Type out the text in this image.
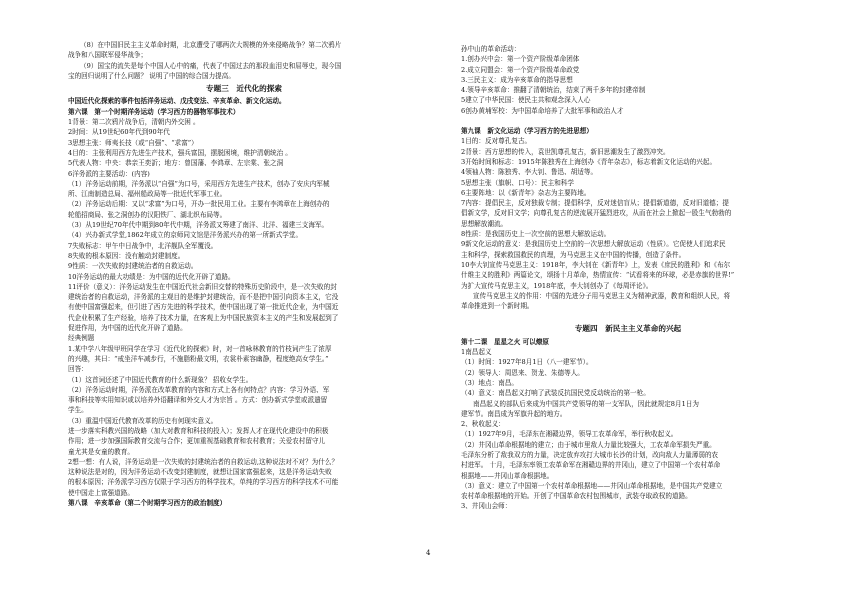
（8）在中国旧民主主义革命时期，北京遭受了哪两次大规模的外来侵略战争？第二次鸦片

战争和八国联军侵华战争；

（9）国宝的流失是每个中国人心中的痛，代表了中国过去的那段血泪史和屈辱史，现今国

宝的回归说明了什么问题？ 说明了中国的综合国力提高。

专题三　近代化的探索

中国近代化探索的事件包括洋务运动、戊戌变法、辛亥革命、新文化运动。

第六课　第一个时期洋务运动（学习西方的器物军事技术）

1背景：第二次鸦片战争后，清朝内外交困 。

2时间：从19世纪60年代到90年代

3思想主张：师夷长技（或“自强”、“求富”）

4目的：主张利用西方先进生产技术，强兵富国，摆脱困境，维护清朝统治 。

5代表人物：中央：恭亲王奕訢；地方：曾国藩、李鸿章、左宗棠、张之洞

6洋务派的主要活动：(内容)

（1）洋务运动前期，洋务派以“自强”为口号，采用西方先进生产技术，创办了安庆内军械

所、江南制造总局、福州船政局等一批近代军事工业。

（2）洋务运动后期：又以“求富”为口号，开办一批民用工业。主要有李鸿章在上海创办的

轮船招商局、张之洞创办的汉阳铁厂、湖北织布局等。

（3）从19世纪70年代中期到80年代中期，洋务派又筹建了南洋、北洋、福建三支海军。

（4）兴办新式学堂,1862年成立的京师同文馆是洋务派兴办的第一所新式学堂。

7失败标志：甲午中日战争中，北洋舰队全军覆没。

8失败的根本原因：没有触动封建制度。

9性质：一次失败的封建统治者的自救运动。

10洋务运动的最大功绩是：为中国的近代化开辟了道路。

11评价（意义）：洋务运动发生在中国近代社会新旧交替的特殊历史阶段中，是一次失败的封

建统治者的自救运动，洋务派的主观目的是维护封建统治，而不是把中国引向资本主义，它没

有使中国富强起来，但引进了西方先进的科学技术，使中国出现了第一批近代企业，为中国近

代企业积累了生产经验，培养了技术力量，在客观上为中国民族资本主义的产生和发展起到了

促进作用，为中国的近代化开辟了道路。

经典例题

1.某中学八年级甲班同学在学习《近代化的探索》时，对一首咏林教育的竹枝词产生了浓厚

的兴趣，其曰：“戒坐洋车减步行，不施脂粉最文明，衣裳朴素容幽静，程度绝高女学生。”

回答：

（1）这首词还述了中国近代教育的什么新现象？ 招收女学生。

（2）洋务运动时期，洋务派在改革教育的内容和方式上各有何特点？内容：学习外语、军

事和科技等实用知识或以培养外语翻译和外交人才为宗旨 。方式：创办新式学堂或派遣留

学生。

（3）重温中国近代教育改革的历史有何现实意义。

进一步落实科教兴国的战略（加大对教育和科技的投入）；发挥人才在现代化建设中的积极

作用；进一步加强国际教育交流与合作；更加重视基础教育和农村教育；关爱农村留守儿

童尤其是女童的教育。

2想一想：有人说，洋务运动是一次失败的封建统治者的自救运动,这种说法对不对？为什么？

这种说法是对的，因为洋务运动不改变封建制度，就想让国家富强起来，这是洋务运动失败

的根本原因；洋务派学习西方仅限于学习西方的科学技术，单纯的学习西方的科学技术不可能

使中国走上富强道路。

第八课　辛亥革命（第二个时期学习西方的政治制度）

孙中山的革命活动：

1.创办兴中会：第一个资产阶级革命团体

2.成立同盟会：第一个资产阶级革命政党

3.三民主义：成为辛亥革命的指导思想

4.领导辛亥革命：推翻了清朝统治，结束了两千多年的封建帝制

5建立了中华民国：使民主共和观念深入人心

6创办黄埔军校：为中国革命培养了大批军事和政治人才

第九课　新文化运动（学习西方的先进思想）

1目的：反对尊孔复古。

2背景：西方思想的传入，袁世凯尊孔复古，新旧思潮发生了激烈冲突。

3开始时间和标志：1915年陈独秀在上海创办《青年杂志》，标志着新文化运动的兴起。

4领袖人物：陈独秀、李大钊、鲁迅、胡适等。

5思想主张（旗帜、口号）：民主和科学

6主要阵地：以《新青年》杂志为主要阵地。

7内容：提倡民主，反对独裁专制；提倡科学，反对迷信盲从；提倡新道德，反对旧道德；提

倡新文学，反对旧文学；向尊孔复古的逆流展开猛烈进攻，从而在社会上掀起一股生气勃勃的

思想解放潮流。

8性质：是我国历史上一次空前的思想大解放运动。

9新文化运动的意义：是我国历史上空前的一次思想大解放运动（性质）。它促使人们追求民

主和科学，探索救国救民的真理，为马克思主义在中国的传播，创造了条件。

10李大钊宣传马克思主义：1918年，李大钊在《新青年》上，发表《庶民的胜利》和《布尔

什维主义的胜利》两篇论文，颂扬十月革命，热情宣传：“试看将来的环球，必是赤旗的世界!”

为扩大宣传马克思主义，1918年底，李大钊创办了《每周评论》。

宣传马克思主义的作用：中国的先进分子用马克思主义为精神武器，教育和组织人民，将

革命推进到一个新时期。

专题四　新民主主义革命的兴起

第十二课　星星之火 可以燎原

1南昌起义

（1）时间：1927年8月1日（八一建军节）。

（2）领导人：周恩来、贺龙、朱德等人。

（3）地点：南昌。

（4）意义：南昌起义打响了武装反抗国民党反动统治的第一枪。

南昌起义的部队后来成为中国共产党领导的第一支军队，因此就规定8月1日为

建军节。南昌成为军旗升起的地方。

2、秋收起义：

（1）1927年9月，毛泽东在湘赣边界，领导工农革命军，举行秋收起义。

（2）井冈山革命根据地的建立；由于城市里敌人力量比较强大，工农革命军损失严重。

毛泽东分析了敌我双方的力量，决定放弃攻打大城市长沙的计划，改向敌人力量薄弱的农

村进军。 十月，毛泽东率领工农革命军在湘赣边界的井冈山，建立了中国第一个农村革命

根据地——井冈山革命根据地。

（3）意义：建立了中国第一个农村革命根据地——井冈山革命根据地，是中国共产党建立

农村革命根据地的开始。开创了中国革命农村包围城市，武装夺取政权的道路。

3、井冈山会师：

4
